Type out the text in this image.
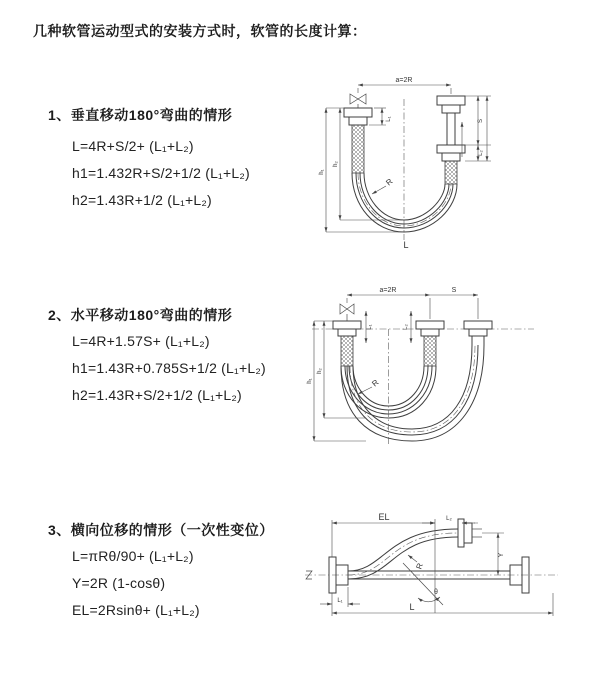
几种软管运动型式的安装方式时，软管的长度计算：
1、垂直移动180°弯曲的情形
L=4R+S/2+ (L₁+L₂)
h1=1.432R+S/2+1/2 (L₁+L₂)
h2=1.43R+1/2 (L₁+L₂)
2、水平移动180°弯曲的情形
L=4R+1.57S+ (L₁+L₂)
h1=1.43R+0.785S+1/2 (L₁+L₂)
h2=1.43R+S/2+1/2 (L₁+L₂)
3、横向位移的情形（一次性变位）
L=πRθ/90+ (L₁+L₂)
Y=2R (1-cosθ)
EL=2Rsinθ+ (L₁+L₂)
a=2R
L₁
h₂
h₁
S
L₂
R
L
a=2R	S
L₁	L₂
h₂
h₁	R
EL	L₂
Y
R
θ
L
L₁
